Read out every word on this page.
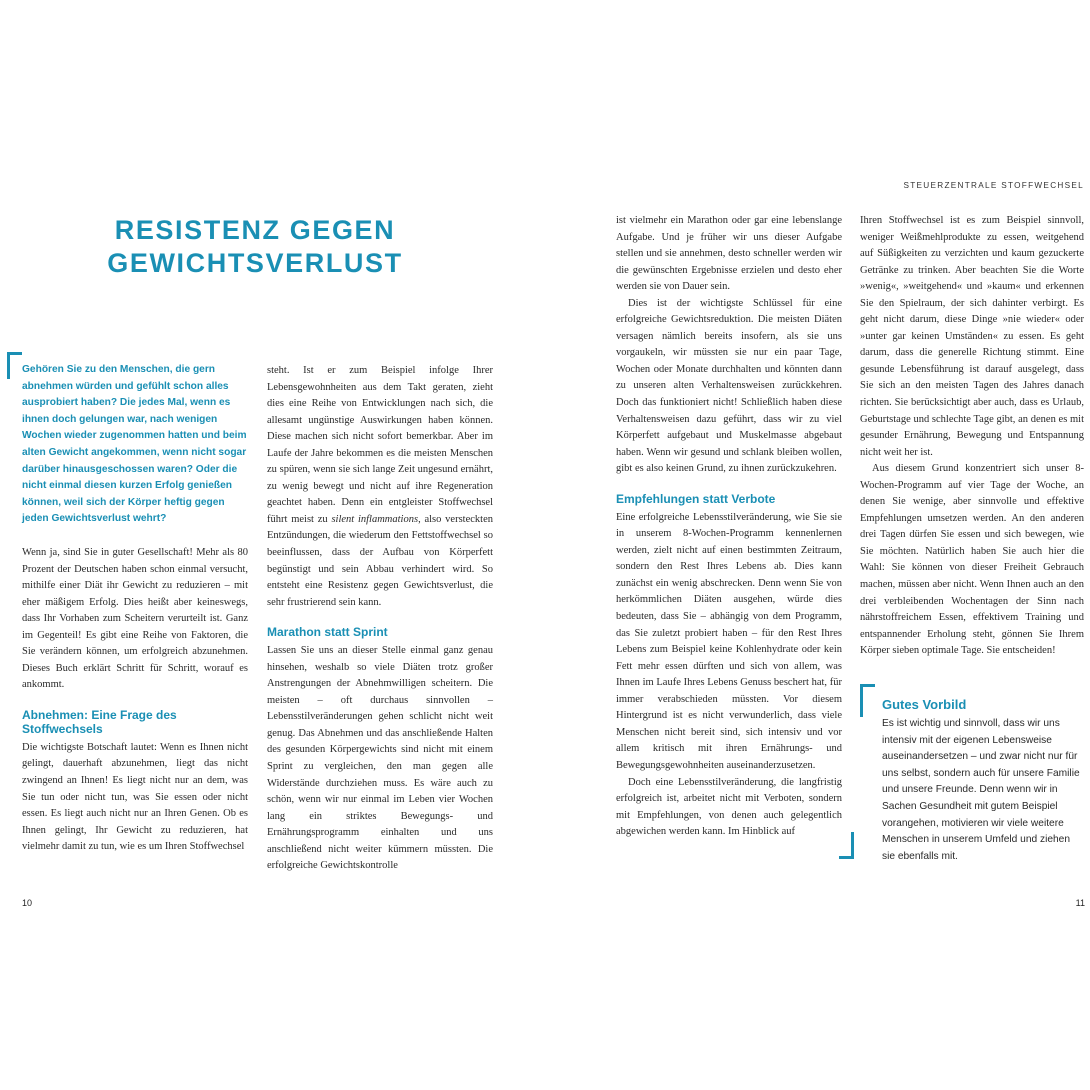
STEUERZENTRALE STOFFWECHSEL
RESISTENZ GEGEN
GEWICHTSVERLUST

Gehören Sie zu den Menschen, die gern abnehmen würden und gefühlt schon alles ausprobiert haben? Die jedes Mal, wenn es ihnen doch gelungen war, nach wenigen Wochen wieder zugenommen hatten und beim alten Gewicht angekommen, wenn nicht sogar darüber hinausgeschossen waren? Oder die nicht einmal diesen kurzen Erfolg genießen können, weil sich der Körper heftig gegen jeden Gewichtsverlust wehrt?

Wenn ja, sind Sie in guter Gesellschaft! Mehr als 80 Prozent der Deutschen haben schon einmal versucht, mithilfe einer Diät ihr Gewicht zu reduzieren – mit eher mäßigem Erfolg. Dies heißt aber keineswegs, dass Ihr Vorhaben zum Scheitern verurteilt ist. Ganz im Gegenteil! Es gibt eine Reihe von Faktoren, die Sie verändern können, um erfolgreich abzunehmen. Dieses Buch erklärt Schritt für Schritt, worauf es ankommt.

Abnehmen: Eine Frage des Stoffwechsels

Die wichtigste Botschaft lautet: Wenn es Ihnen nicht gelingt, dauerhaft abzunehmen, liegt das nicht zwingend an Ihnen! Es liegt nicht nur an dem, was Sie tun oder nicht tun, was Sie essen oder nicht essen. Es liegt auch nicht nur an Ihren Genen. Ob es Ihnen gelingt, Ihr Gewicht zu reduzieren, hat vielmehr damit zu tun, wie es um Ihren Stoffwechsel

steht. Ist er zum Beispiel infolge Ihrer Lebensgewohnheiten aus dem Takt geraten, zieht dies eine Reihe von Entwicklungen nach sich, die allesamt ungünstige Auswirkungen haben können. Diese machen sich nicht sofort bemerkbar. Aber im Laufe der Jahre bekommen es die meisten Menschen zu spüren, wenn sie sich lange Zeit ungesund ernährt, zu wenig bewegt und nicht auf ihre Regeneration geachtet haben. Denn ein entgleister Stoffwechsel führt meist zu silent inflammations, also versteckten Entzündungen, die wiederum den Fettstoffwechsel so beeinflussen, dass der Aufbau von Körperfett begünstigt und sein Abbau verhindert wird. So entsteht eine Resistenz gegen Gewichtsverlust, die sehr frustrierend sein kann.

Marathon statt Sprint

Lassen Sie uns an dieser Stelle einmal ganz genau hinsehen, weshalb so viele Diäten trotz großer Anstrengungen der Abnehmwilligen scheitern. Die meisten – oft durchaus sinnvollen – Lebensstilveränderungen gehen schlicht nicht weit genug. Das Abnehmen und das anschließende Halten des gesunden Körpergewichts sind nicht mit einem Sprint zu vergleichen, den man gegen alle Widerstände durchziehen muss. Es wäre auch zu schön, wenn wir nur einmal im Leben vier Wochen lang ein striktes Bewegungs- und Ernährungsprogramm einhalten und uns anschließend nicht weiter kümmern müssten. Die erfolgreiche Gewichtskontrolle

ist vielmehr ein Marathon oder gar eine lebenslange Aufgabe. Und je früher wir uns dieser Aufgabe stellen und sie annehmen, desto schneller werden wir die gewünschten Ergebnisse erzielen und desto eher werden sie von Dauer sein.

Dies ist der wichtigste Schlüssel für eine erfolgreiche Gewichtsreduktion. Die meisten Diäten versagen nämlich bereits insofern, als sie uns vorgaukeln, wir müssten sie nur ein paar Tage, Wochen oder Monate durchhalten und könnten dann zu unseren alten Verhaltensweisen zurückkehren. Doch das funktioniert nicht! Schließlich haben diese Verhaltensweisen dazu geführt, dass wir zu viel Körperfett aufgebaut und Muskelmasse abgebaut haben. Wenn wir gesund und schlank bleiben wollen, gibt es also keinen Grund, zu ihnen zurückzukehren.

Empfehlungen statt Verbote

Eine erfolgreiche Lebensstilveränderung, wie Sie sie in unserem 8-Wochen-Programm kennenlernen werden, zielt nicht auf einen bestimmten Zeitraum, sondern den Rest Ihres Lebens ab. Dies kann zunächst ein wenig abschrecken. Denn wenn Sie von herkömmlichen Diäten ausgehen, würde dies bedeuten, dass Sie – abhängig von dem Programm, das Sie zuletzt probiert haben – für den Rest Ihres Lebens zum Beispiel keine Kohlenhydrate oder kein Fett mehr essen dürften und sich von allem, was Ihnen im Laufe Ihres Lebens Genuss beschert hat, für immer verabschieden müssten. Vor diesem Hintergrund ist es nicht verwunderlich, dass viele Menschen nicht bereit sind, sich intensiv und vor allem kritisch mit ihren Ernährungs- und Bewegungsgewohnheiten auseinanderzusetzen.

Doch eine Lebensstilveränderung, die langfristig erfolgreich ist, arbeitet nicht mit Verboten, sondern mit Empfehlungen, von denen auch gelegentlich abgewichen werden kann. Im Hinblick auf

Ihren Stoffwechsel ist es zum Beispiel sinnvoll, weniger Weißmehlprodukte zu essen, weitgehend auf Süßigkeiten zu verzichten und kaum gezuckerte Getränke zu trinken. Aber beachten Sie die Worte »wenig«, »weitgehend« und »kaum« und erkennen Sie den Spielraum, der sich dahinter verbirgt. Es geht nicht darum, diese Dinge »nie wieder« oder »unter gar keinen Umständen« zu essen. Es geht darum, dass die generelle Richtung stimmt. Eine gesunde Lebensführung ist darauf ausgelegt, dass Sie sich an den meisten Tagen des Jahres danach richten. Sie berücksichtigt aber auch, dass es Urlaub, Geburtstage und schlechte Tage gibt, an denen es mit gesunder Ernährung, Bewegung und Entspannung nicht weit her ist.

Aus diesem Grund konzentriert sich unser 8-Wochen-Programm auf vier Tage der Woche, an denen Sie wenige, aber sinnvolle und effektive Empfehlungen umsetzen werden. An den anderen drei Tagen dürfen Sie essen und sich bewegen, wie Sie möchten. Natürlich haben Sie auch hier die Wahl: Sie können von dieser Freiheit Gebrauch machen, müssen aber nicht. Wenn Ihnen auch an den drei verbleibenden Wochentagen der Sinn nach nährstoffreichem Essen, effektivem Training und entspannender Erholung steht, gönnen Sie Ihrem Körper sieben optimale Tage. Sie entscheiden!

Gutes Vorbild

Es ist wichtig und sinnvoll, dass wir uns intensiv mit der eigenen Lebensweise auseinandersetzen – und zwar nicht nur für uns selbst, sondern auch für unsere Familie und unsere Freunde. Denn wenn wir in Sachen Gesundheit mit gutem Beispiel vorangehen, motivieren wir viele weitere Menschen in unserem Umfeld und ziehen sie ebenfalls mit.

10	11
